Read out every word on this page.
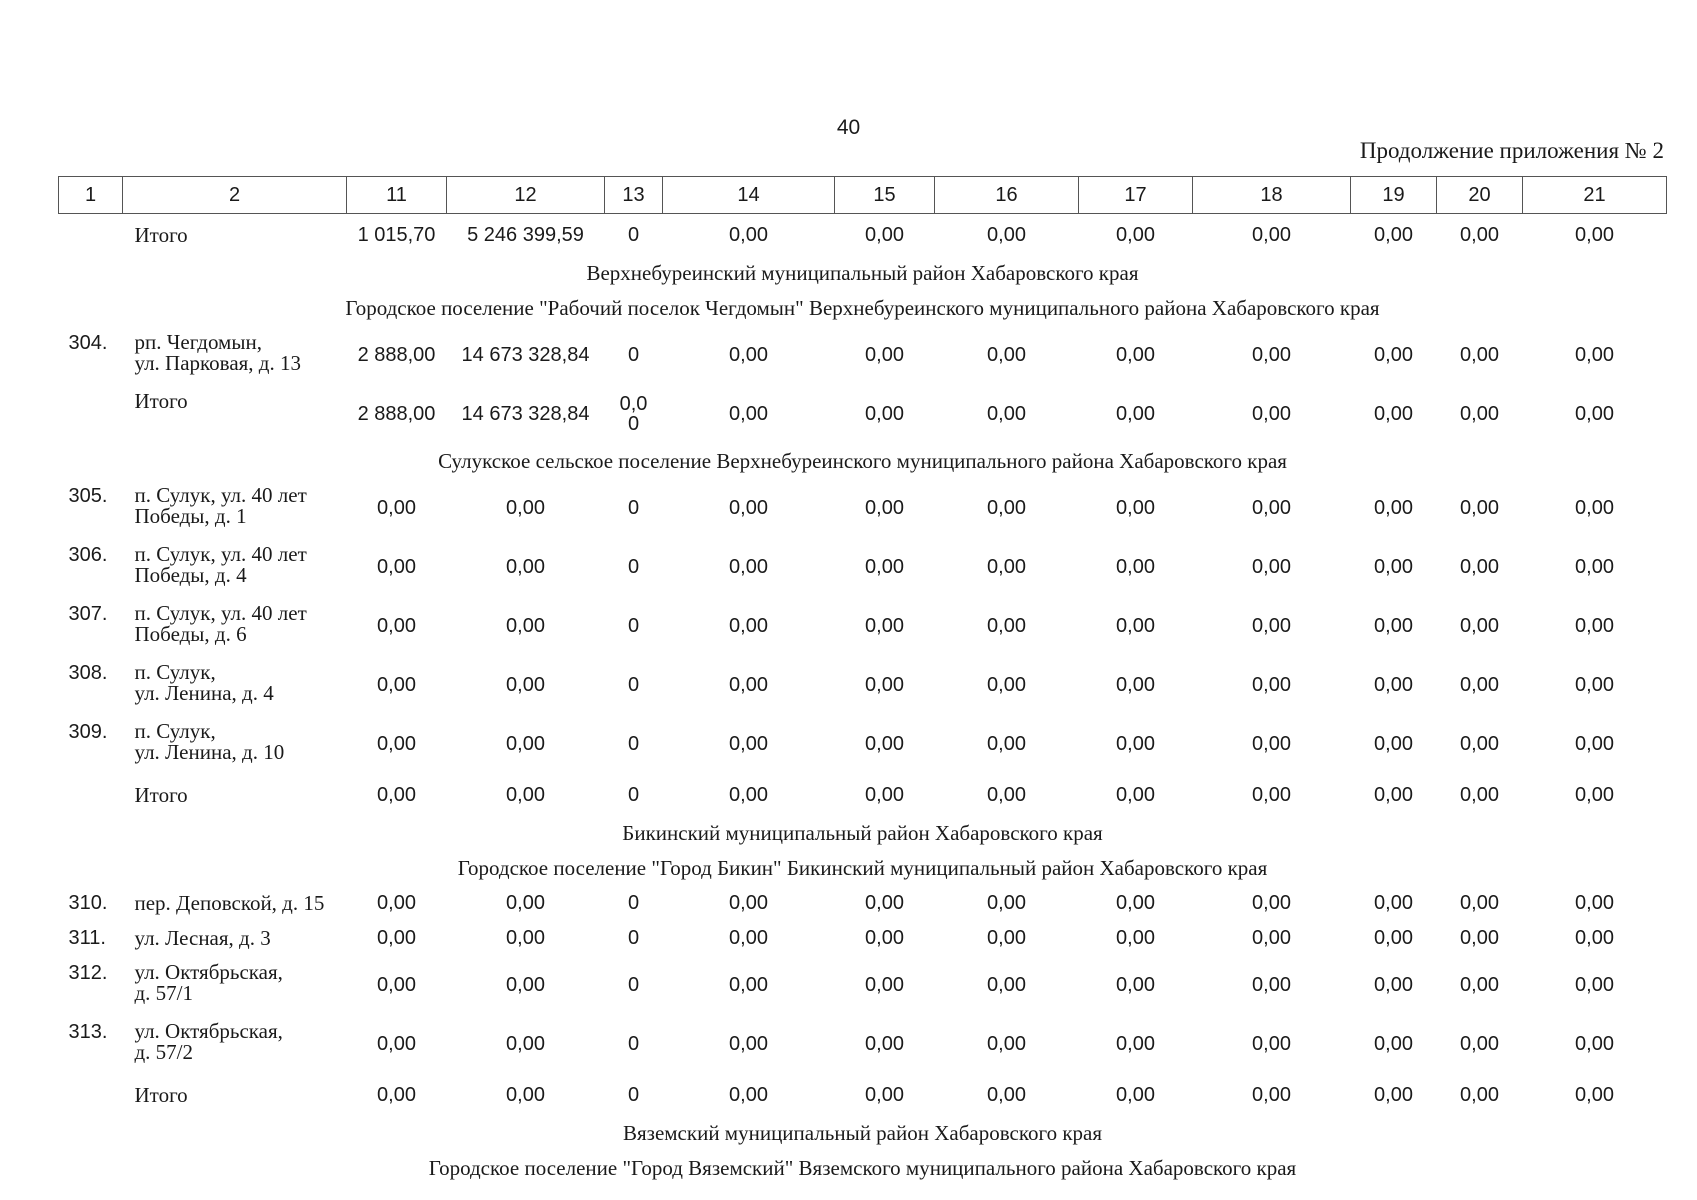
40
Продолжение приложения № 2
1	2	11	12	13	14	15	16	17	18	19	20	21
	Итого	1 015,70	5 246 399,59	0	0,00	0,00	0,00	0,00	0,00	0,00	0,00	0,00
Верхнебуреинский муниципальный район Хабаровского края												
Городское поселение "Рабочий поселок Чегдомын" Верхнебуреинского муниципального района Хабаровского края												
304.	рп. Чегдомын,
ул. Парковая, д. 13	2 888,00	14 673 328,84	0	0,00	0,00	0,00	0,00	0,00	0,00	0,00	0,00
	Итого	2 888,00	14 673 328,84	0,0
0	0,00	0,00	0,00	0,00	0,00	0,00	0,00	0,00
Сулукское сельское поселение Верхнебуреинского муниципального района Хабаровского края												
305.	п. Сулук, ул. 40 лет
Победы, д. 1	0,00	0,00	0	0,00	0,00	0,00	0,00	0,00	0,00	0,00	0,00
306.	п. Сулук, ул. 40 лет
Победы, д. 4	0,00	0,00	0	0,00	0,00	0,00	0,00	0,00	0,00	0,00	0,00
307.	п. Сулук, ул. 40 лет
Победы, д. 6	0,00	0,00	0	0,00	0,00	0,00	0,00	0,00	0,00	0,00	0,00
308.	п. Сулук,
ул. Ленина, д. 4	0,00	0,00	0	0,00	0,00	0,00	0,00	0,00	0,00	0,00	0,00
309.	п. Сулук,
ул. Ленина, д. 10	0,00	0,00	0	0,00	0,00	0,00	0,00	0,00	0,00	0,00	0,00
	Итого	0,00	0,00	0	0,00	0,00	0,00	0,00	0,00	0,00	0,00	0,00
Бикинский муниципальный район Хабаровского края												
Городское поселение "Город Бикин" Бикинский муниципальный район Хабаровского края												
310.	пер. Деповской, д. 15	0,00	0,00	0	0,00	0,00	0,00	0,00	0,00	0,00	0,00	0,00
311.	ул. Лесная, д. 3	0,00	0,00	0	0,00	0,00	0,00	0,00	0,00	0,00	0,00	0,00
312.	ул. Октябрьская,
д. 57/1	0,00	0,00	0	0,00	0,00	0,00	0,00	0,00	0,00	0,00	0,00
313.	ул. Октябрьская,
д. 57/2	0,00	0,00	0	0,00	0,00	0,00	0,00	0,00	0,00	0,00	0,00
	Итого	0,00	0,00	0	0,00	0,00	0,00	0,00	0,00	0,00	0,00	0,00
Вяземский муниципальный район Хабаровского края												
Городское поселение "Город Вяземский" Вяземского муниципального района Хабаровского края												
